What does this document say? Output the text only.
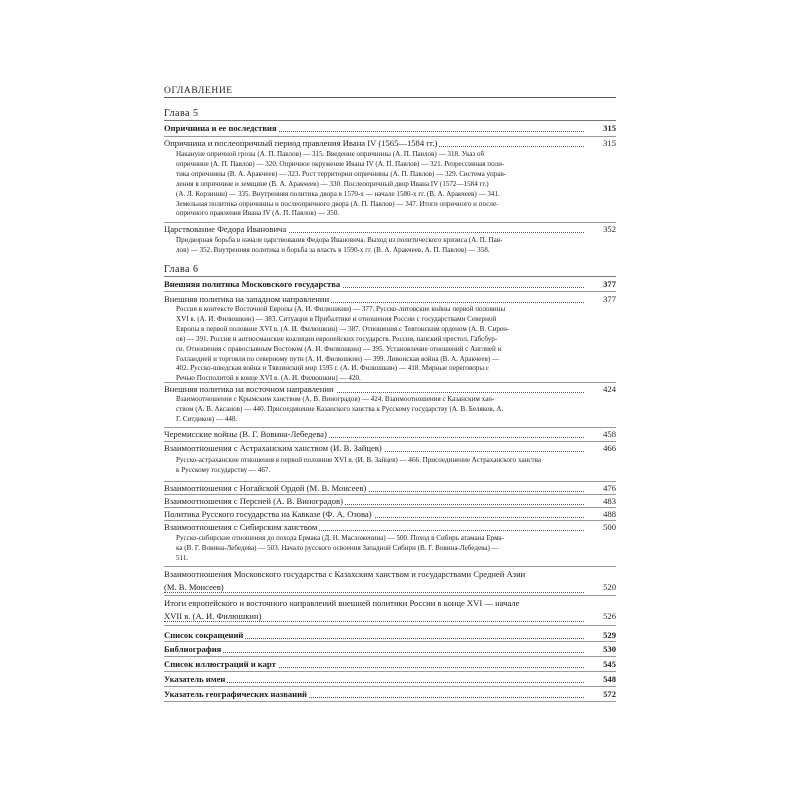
ОГЛАВЛЕНИЕ
Глава 5
Опричнина и ее последствия	315
Опричнина и послеопричный период правления Ивана IV (1565—1584 гг.)	315
Накануне опричной грозы (А. П. Павлов) — 315. Введение опричнины (А. П. Павлов) — 318. Указ об
опричнине (А. П. Павлов) — 320. Опричное окружение Ивана IV (А. П. Павлов) — 321. Репрессивная поли-
тика опричнины (В. А. Аракчеев) — 323. Рост территории опричнины (А. П. Павлов) — 329. Система управ-
ления в опричнине и земщине (В. А. Аракчеев) — 330. Послеопричный двор Ивана IV (1572—1584 гг.)
(А. Л. Корзинин) — 335. Внутренняя политика двора в 1570-х — начале 1580-х гг. (В. А. Аракчеев) — 341.
Земельная политика опричнины и послеопричного двора (А. П. Павлов) — 347. Итоги опричного и после-
опричного правления Ивана IV (А. П. Павлов) — 350.
Царствование Федора Ивановича	352
Придворная борьба в начале царствования Федора Ивановича. Выход из политического кризиса (А. П. Пав-
лов) — 352. Внутренняя политика и борьба за власть в 1590-х гг. (В. А. Аракчеев, А. П. Павлов) — 358.
Глава 6
Внешняя политика Московского государства	377
Внешняя политика на западном направлении	377
Россия в контексте Восточной Европы (А. И. Филюшкин) — 377. Русско-литовские войны первой половины
XVI в. (А. И. Филюшкин) — 383. Ситуация в Прибалтике и отношения России с государствами Северной
Европы в первой половине XVI в. (А. И. Филюшкин) — 387. Отношения с Тевтонским орденом (А. В. Сирен-
ов) — 391. Россия и антиосманские коалиции европейских государств. Россия, папский престол, Габсбур-
ги. Отношения с православным Востоком (А. И. Филюшкин) — 395. Установление отношений с Англией и
Голландией и торговля по северному пути (А. И. Филюшкин) — 399. Ливонская война (В. А. Аракчеев) —
402. Русско-шведская война и Тявзинский мир 1595 г. (А. И. Филюшкин) — 418. Мирные переговоры с
Речью Посполитой в конце XVI в. (А. И. Филюшкин) — 420.
Внешняя политика на восточном направлении	424
Взаимоотношения с Крымским ханством (А. В. Виноградов) — 424. Взаимоотношения с Казанским хан-
ством (А. В. Аксанов) — 440. Присоединение Казанского ханства к Русскому государству (А. В. Беляков, А.
Г. Ситдиков) — 448.
Черемисские войны (В. Г. Вовина-Лебедева)	458
Взаимоотношения с Астраханским ханством (И. В. Зайцев)	466
Русско-астраханские отношения в первой половине XVI в. (И. В. Зайцев) — 466. Присоединение Астраханского ханства
к Русскому государству — 467.
Взаимоотношения с Ногайской Ордой (М. В. Моисеев)	476
Взаимоотношения с Персией (А. В. Виноградов)	483
Политика Русского государства на Кавказе (Ф. А. Озова)	488
Взаимоотношения с Сибирским ханством	500
Русско-сибирские отношения до похода Ермака (Д. Н. Масложенина) — 500. Поход в Сибирь атамана Ерма-
ка (В. Г. Вовина-Лебедева) — 503. Начало русского освоения Западной Сибири (В. Г. Вовина-Лебедева) —
511.
Взаимоотношения Московского государства с Казахским ханством и государствами Средней Азии
(М. В. Моисеев)	520
Итоги европейского и восточного направлений внешней политики России в конце XVI — начале
XVII в. (А. И. Филюшкин)	526
Список сокращений	529
Библиография	530
Список иллюстраций и карт	545
Указатель имен	548
Указатель географических названий	572
